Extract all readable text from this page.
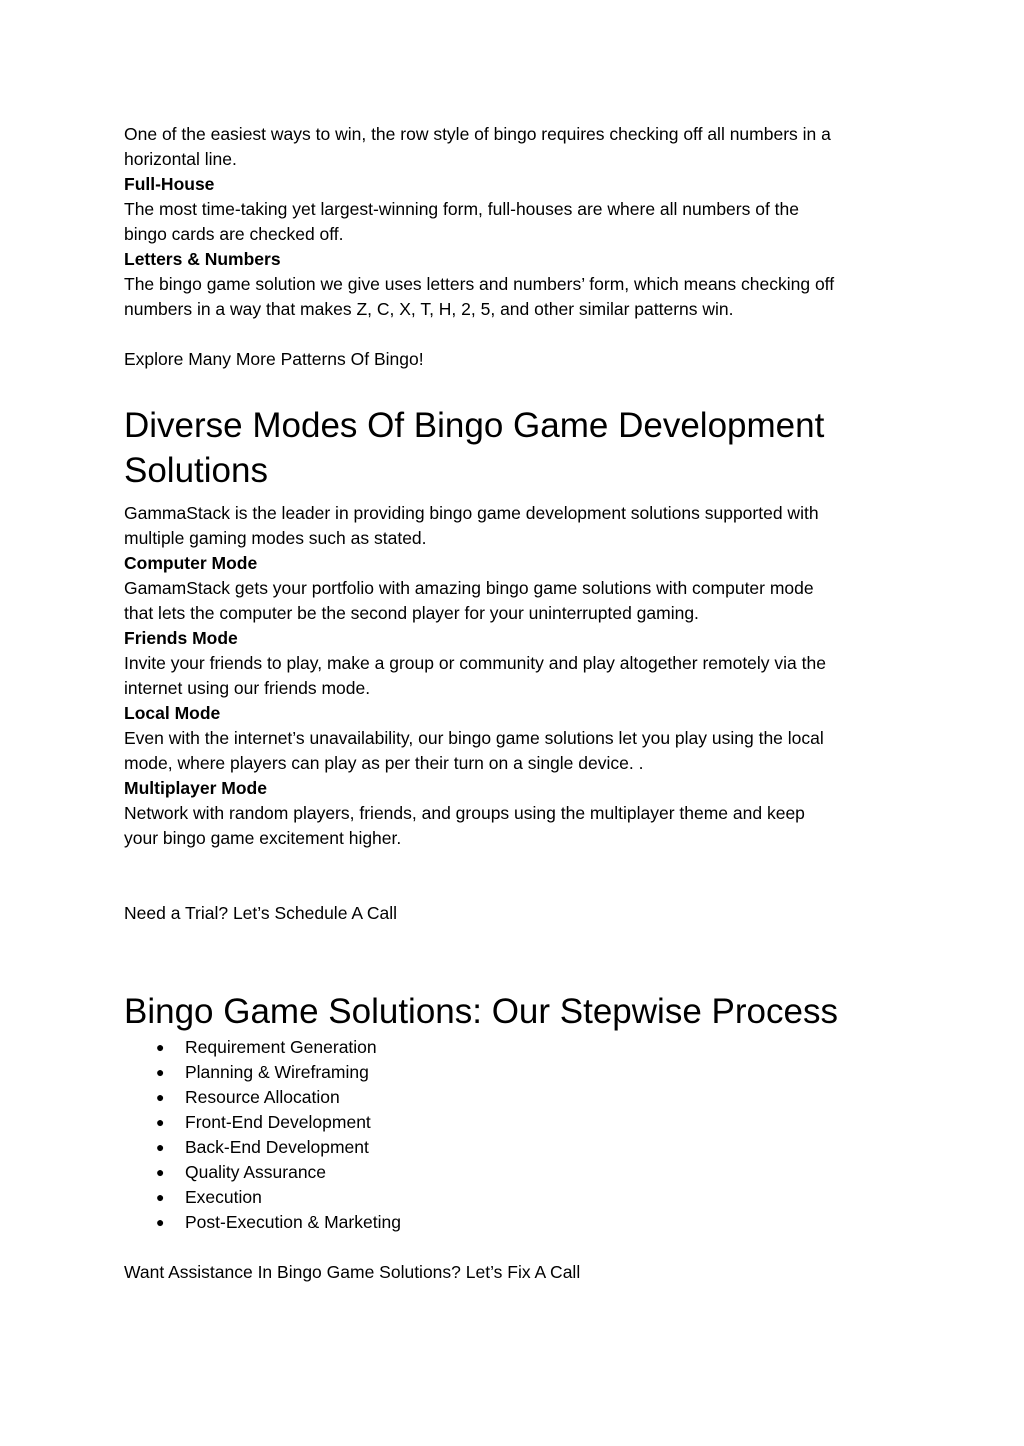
One of the easiest ways to win, the row style of bingo requires checking off all numbers in a

horizontal line.

Full-House

The most time-taking yet largest-winning form, full-houses are where all numbers of the

bingo cards are checked off.

Letters & Numbers

The bingo game solution we give uses letters and numbers’ form, which means checking off

numbers in a way that makes Z, C, X, T, H, 2, 5, and other similar patterns win.

Explore Many More Patterns Of Bingo!

Diverse Modes Of Bingo Game Development
Solutions

GammaStack is the leader in providing bingo game development solutions supported with

multiple gaming modes such as stated.

Computer Mode

GamamStack gets your portfolio with amazing bingo game solutions with computer mode

that lets the computer be the second player for your uninterrupted gaming.

Friends Mode

Invite your friends to play, make a group or community and play altogether remotely via the

internet using our friends mode.

Local Mode

Even with the internet’s unavailability, our bingo game solutions let you play using the local

mode, where players can play as per their turn on a single device. .

Multiplayer Mode

Network with random players, friends, and groups using the multiplayer theme and keep

your bingo game excitement higher.

Need a Trial? Let’s Schedule A Call

Bingo Game Solutions: Our Stepwise Process
● Requirement Generation
● Planning & Wireframing
● Resource Allocation
● Front-End Development
● Back-End Development
● Quality Assurance
● Execution
● Post-Execution & Marketing

Want Assistance In Bingo Game Solutions? Let’s Fix A Call
